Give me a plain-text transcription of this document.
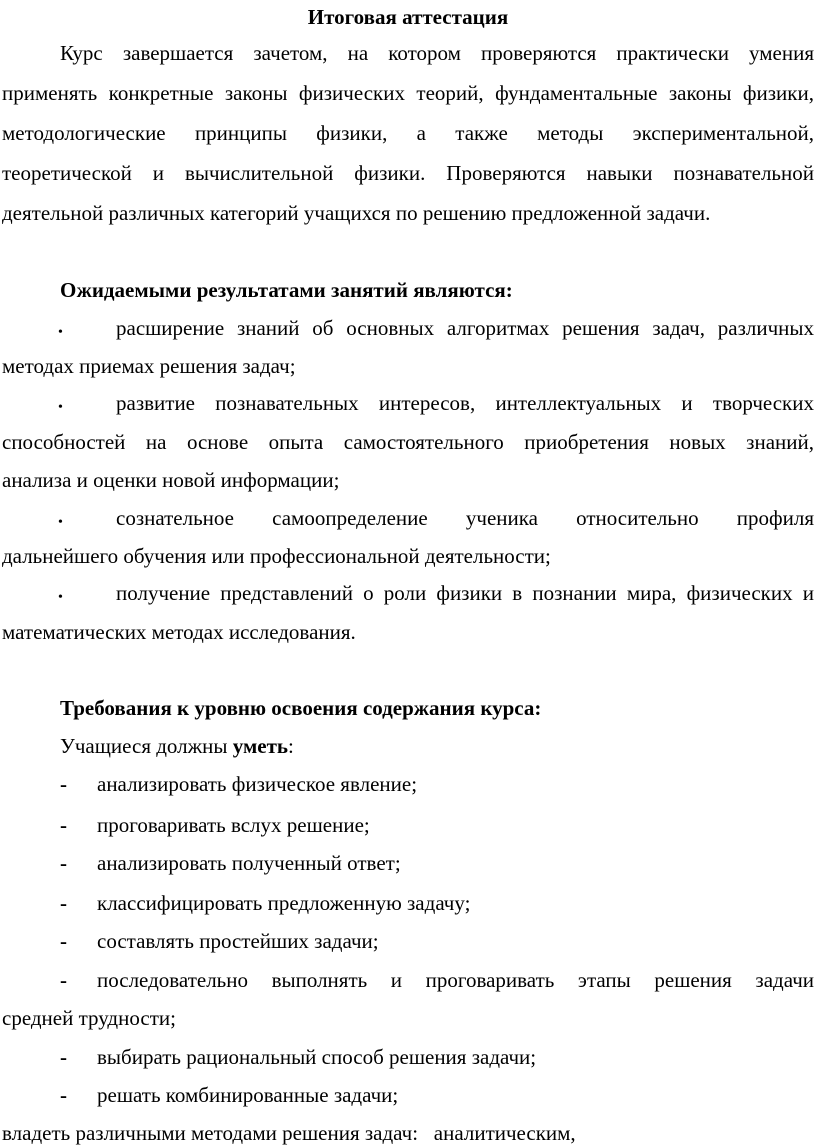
Итоговая аттестация
Курс завершается зачетом, на котором проверяются практически умения
применять конкретные законы физических теорий, фундаментальные законы физики,
методологические принципы физики, а также методы экспериментальной,
теоретической и вычислительной физики. Проверяются навыки познавательной
деятельной различных категорий учащихся по решению предложенной задачи.
Ожидаемыми результатами занятий являются:
•	расширение знаний об основных алгоритмах решения задач, различных
методах приемах решения задач;
•	развитие познавательных интересов, интеллектуальных и творческих
способностей на основе опыта самостоятельного приобретения новых знаний,
анализа и оценки новой информации;
•	сознательное самоопределение ученика относительно профиля
дальнейшего обучения или профессиональной деятельности;
•	получение представлений о роли физики в познании мира, физических и
математических методах исследования.
Требования к уровню освоения содержания курса:
Учащиеся должны уметь:
-	анализировать физическое явление;
-	проговаривать вслух решение;
-	анализировать полученный ответ;
-	классифицировать предложенную задачу;
-	составлять простейших задачи;
-	последовательно выполнять и проговаривать этапы решения задачи
средней трудности;
-	выбирать рациональный способ решения задачи;
-	решать комбинированные задачи;
владеть различными методами решения задач:   аналитическим,
